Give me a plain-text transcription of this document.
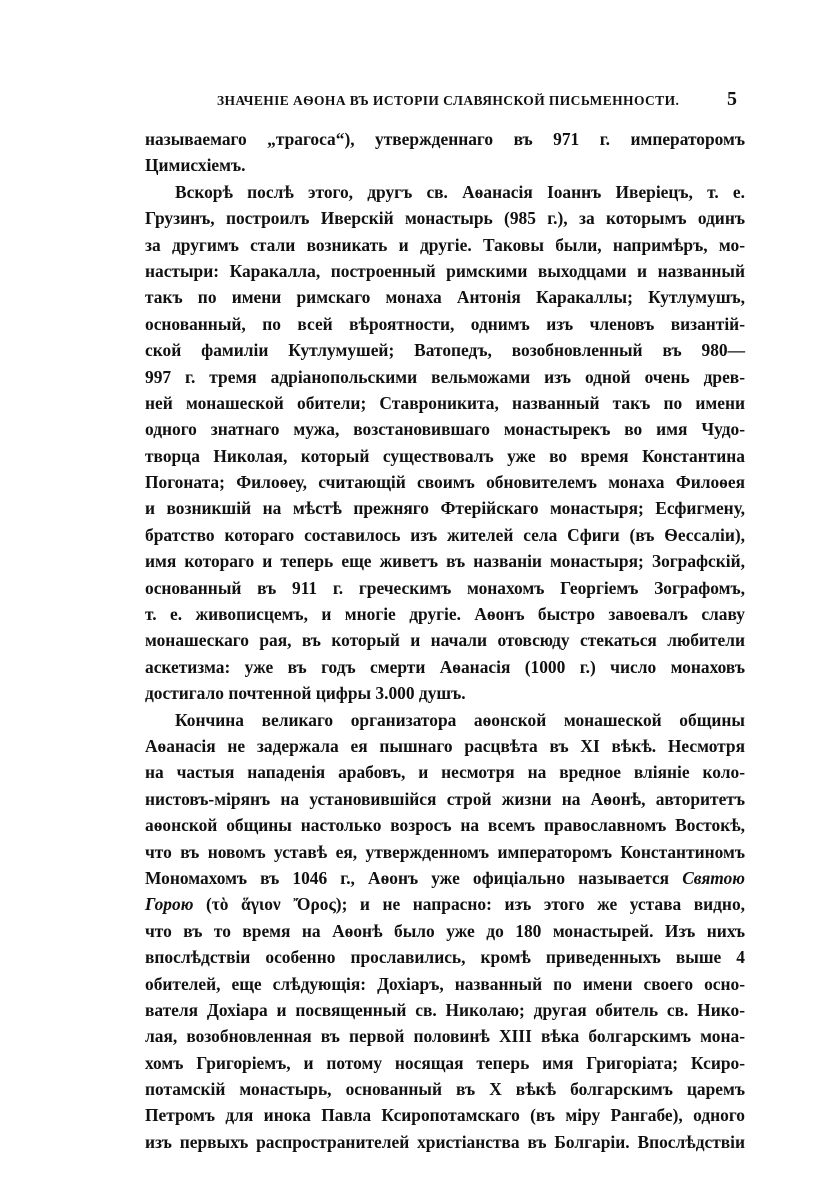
ЗНАЧЕНІЕ АѲОНА ВЪ ИСТОРІИ СЛАВЯНСКОЙ ПИСЬМЕННОСТИ. 5
называемаго „трагоса“), утвержденнаго въ 971 г. императоромъ
Цимисхіемъ.
Вскорѣ послѣ этого, другъ св. Аѳанасія Іоаннъ Иверіецъ, т. е.
Грузинъ, построилъ Иверскій монастырь (985 г.), за которымъ одинъ
за другимъ стали возникать и другіе. Таковы были, напримѣръ, мо-
настыри: Каракалла, построенный римскими выходцами и названный
такъ по имени римскаго монаха Антонія Каракаллы; Кутлумушъ,
основанный, по всей вѣроятности, однимъ изъ членовъ византій-
ской фамиліи Кутлумушей; Ватопедъ, возобновленный въ 980—
997 г. тремя адріанопольскими вельможами изъ одной очень древ-
ней монашеской обители; Ставроникита, названный такъ по имени
одного знатнаго мужа, возстановившаго монастырекъ во имя Чудо-
творца Николая, который существовалъ уже во время Константина
Погоната; Филоѳеу, считающій своимъ обновителемъ монаха Филоѳея
и возникшій на мѣстѣ прежняго Фтерійскаго монастыря; Есфигмену,
братство котораго составилось изъ жителей села Сфиги (въ Ѳессаліи),
имя котораго и теперь еще живетъ въ названіи монастыря; Зографскій,
основанный въ 911 г. греческимъ монахомъ Георгіемъ Зографомъ,
т. е. живописцемъ, и многіе другіе. Аѳонъ быстро завоевалъ славу
монашескаго рая, въ который и начали отовсюду стекаться любители
аскетизма: уже въ годъ смерти Аѳанасія (1000 г.) число монаховъ
достигало почтенной цифры 3.000 душъ.
Кончина великаго организатора аѳонской монашеской общины
Аѳанасія не задержала ея пышнаго расцвѣта въ XI вѣкѣ. Несмотря
на частыя нападенія арабовъ, и несмотря на вредное вліяніе коло-
нистовъ-мірянъ на установившійся строй жизни на Аѳонѣ, авторитетъ
аѳонской общины настолько возросъ на всемъ православномъ Востокѣ,
что въ новомъ уставѣ ея, утвержденномъ императоромъ Константиномъ
Мономахомъ въ 1046 г., Аѳонъ уже офиціально называется Святою
Горою (τὸ ἅγιον Ὄρος); и не напрасно: изъ этого же устава видно,
что въ то время на Аѳонѣ было уже до 180 монастырей. Изъ нихъ
впослѣдствіи особенно прославились, кромѣ приведенныхъ выше 4
обителей, еще слѣдующія: Дохіаръ, названный по имени своего осно-
вателя Дохіара и посвященный св. Николаю; другая обитель св. Нико-
лая, возобновленная въ первой половинѣ XIII вѣка болгарскимъ мона-
хомъ Григоріемъ, и потому носящая теперь имя Григоріата; Ксиро-
потамскій монастырь, основанный въ X вѣкѣ болгарскимъ царемъ
Петромъ для инока Павла Ксиропотамскаго (въ міру Рангабе), одного
изъ первыхъ распространителей христіанства въ Болгаріи. Впослѣдствіи
